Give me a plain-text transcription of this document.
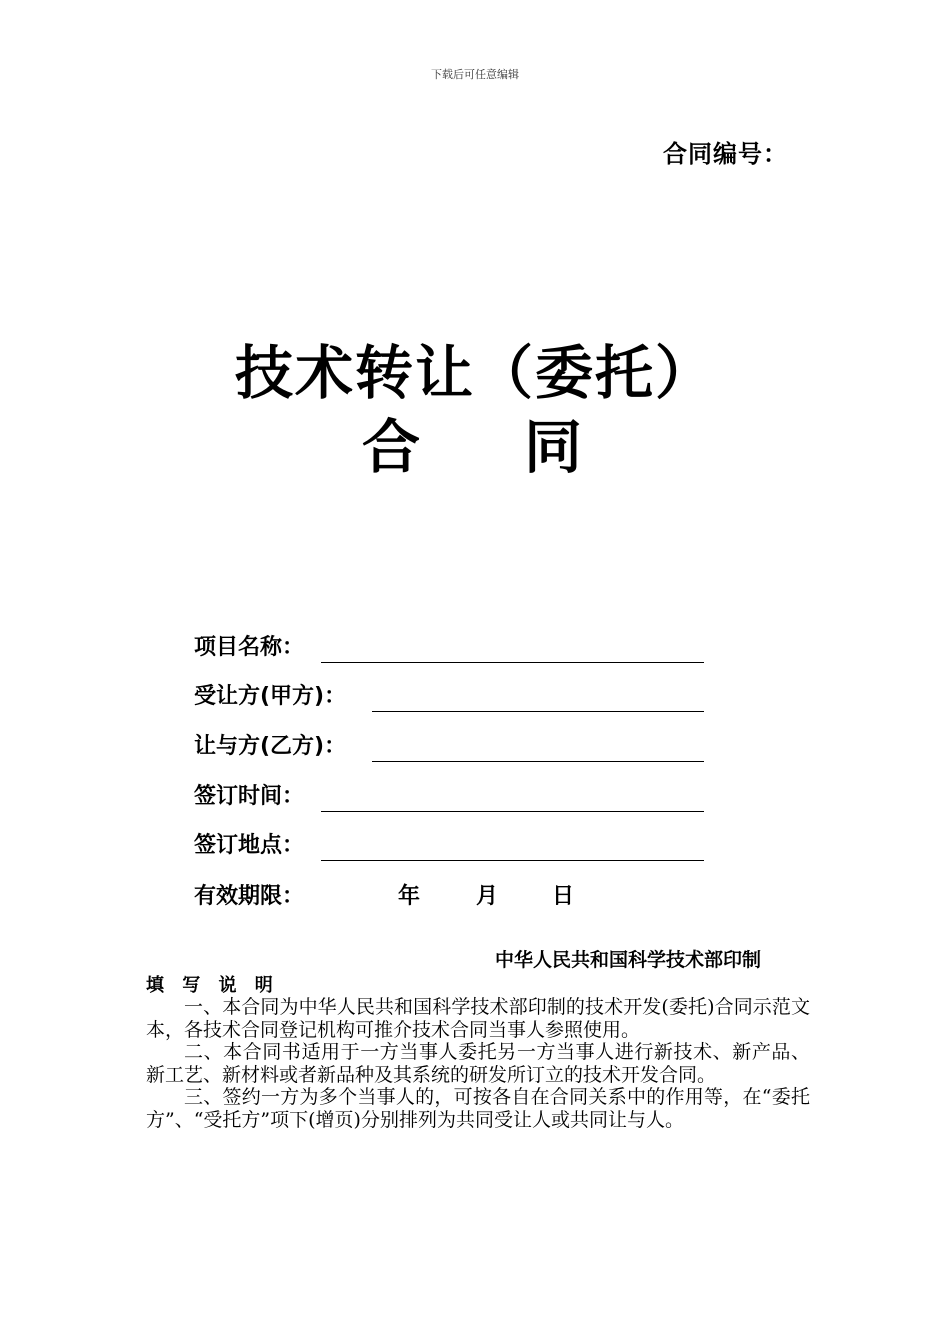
下载后可任意编辑
合同编号：
技术转让（委托）
合 同
项目名称：
受让方(甲方)：
让与方(乙方)：
签订时间：
签订地点：
有效期限：	年	月 日
中华人民共和国科学技术部印制
填 写 说 明

一、本合同为中华人民共和国科学技术部印制的技术开发(委托)合同示范文本，各技术合同登记机构可推介技术合同当事人参照使用。

二、本合同书适用于一方当事人委托另一方当事人进行新技术、新产品、新工艺、新材料或者新品种及其系统的研发所订立的技术开发合同。

三、签约一方为多个当事人的，可按各自在合同关系中的作用等，在“委托方”、“受托方”项下(增页)分别排列为共同受让人或共同让与人。
